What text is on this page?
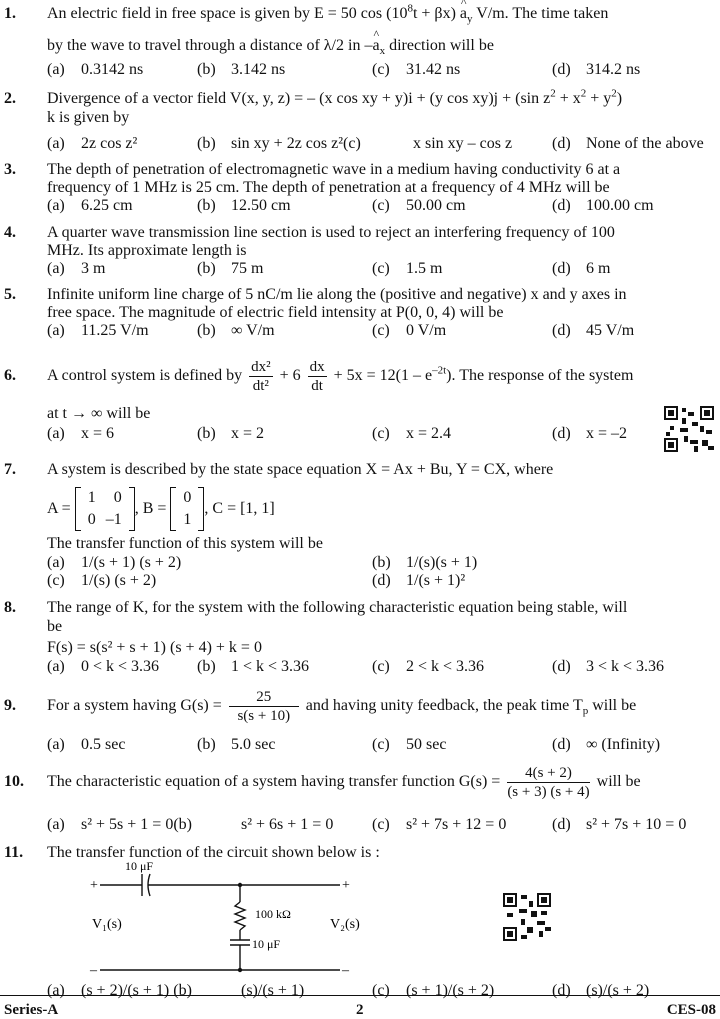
1. An electric field in free space is given by E = 50 $\cos (10^8t + \beta x)$ ^ $a_y$ V/m. The time taken
by the wave to travel through a distance of λ/2 in –^ $a_x$ direction will be
(a) 0.3142 ns	(b) 3.142 ns	(c) 31.42 ns	(d) 314.2 ns
2. Divergence of a vector field V(x, y, z) = – (x cos xy + y)i + (y cos xy)j + (sin $z^2 + x^2 + y^2$)
k is given by
(a) 2z cos z²	(b) sin xy + 2z cos z²(c)	x sin xy – cos z (d) None of the above
3. The depth of penetration of electromagnetic wave in a medium having conductivity 6 at a
frequency of 1 MHz is 25 cm. The depth of penetration at a frequency of 4 MHz will be
(a) 6.25 cm	(b) 12.50 cm	(c) 50.00 cm	(d) 100.00 cm
4. A quarter wave transmission line section is used to reject an interfering frequency of 100
MHz. Its approximate length is
(a) 3 m	(b) 75 m	(c) 1.5 m	(d) 6 m
5. Infinite uniform line charge of 5 nC/m lie along the (positive and negative) x and y axes in
free space. The magnitude of electric field intensity at P(0, 0, 4) will be
(a) 11.25 V/m	(b) ∞ V/m	(c) 0 V/m	(d) 45 V/m
6. A control system is defined by $\frac{\text{dx²}}{\text{dt²}} + 6 \frac{dx}{dt} + 5x = 12(1 - e^{-2t})$. The response of the system
at t → ∞ will be
(a) x = 6	(b) x = 2	(c) x = 2.4	(d) x = –2
7. A system is described by the state space equation X = Ax + Bu, Y = CX, where
A =
1	0
0	–1
, B =
0
1
, C = [1, 1]
The transfer function of this system will be
(a) 1/(s + 1) (s + 2)	(b) 1/(s)(s + 1)
(c) 1/(s) (s + 2)	(d) 1/(s + 1)²
8. The range of K, for the system with the following characteristic equation being stable, will
be
F(s) = s(s² + s + 1) (s + 4) + k = 0
(a) 0 < k < 3.36 (b) 1 < k < 3.36	(c) 2 < k < 3.36	(d) 3 < k < 3.36
9. For a system having $G(s) = \frac{25}{s(s + 10)}$ and having unity feedback, the peak time $T_p$ will be
(a) 0.5 sec	(b) 5.0 sec	(c) 50 sec	(d) ∞ (Infinity)
10. The characteristic equation of a system having transfer function $G(s) = \frac{4(s + 2)}{(s + 3) (s + 4)}$ will be
(a) s² + 5s + 1 = 0(b)	s² + 6s + 1 = 0 (c) s² + 7s + 12 = 0	(d) s² + 7s + 10 = 0
11. The transfer function of the circuit shown below is :
10 μF
+	+
–	–
V₁(s)
100 kΩ
10 μF
V₂(s)
(a) (s + 2)/(s + 1) (b)	(s)/(s + 1)	(c) (s + 1)/(s + 2)	(d) (s)/(s + 2)
Series-A	2	CES-08
